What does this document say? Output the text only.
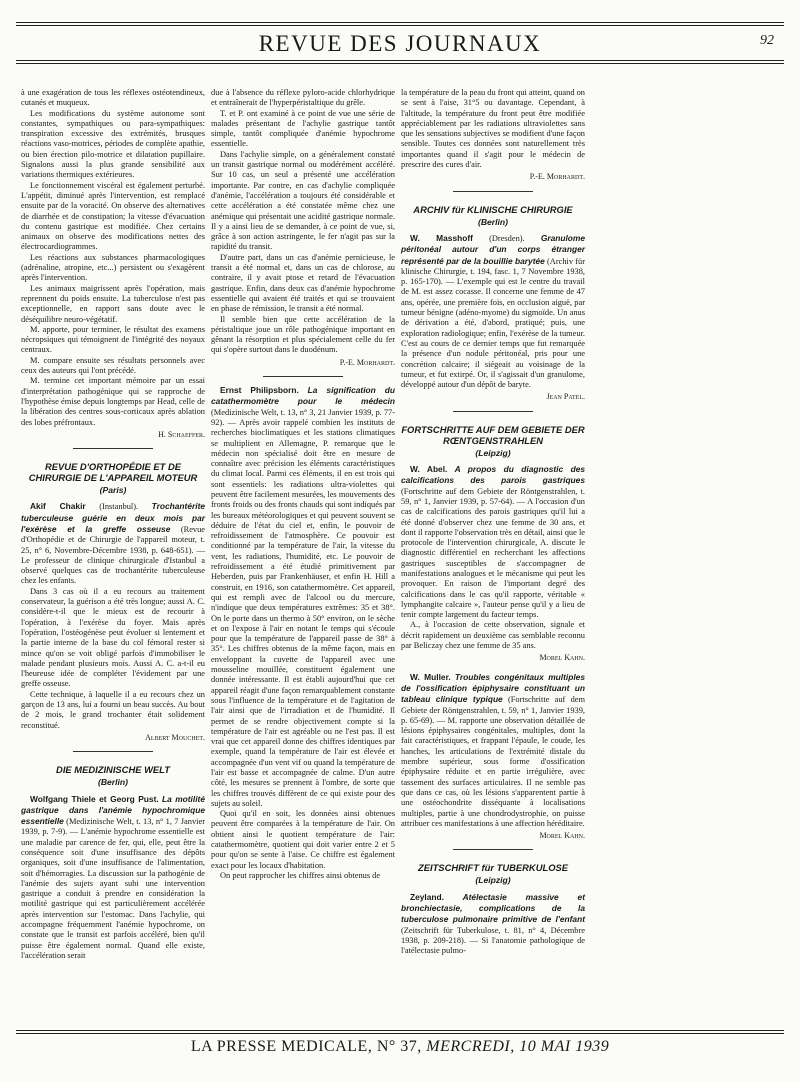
REVUE DES JOURNAUX	92

à une exagération de tous les réflexes ostéotendineux, cutanés et muqueux.

Les modifications du système autonome sont constantes, sympathiques ou para-sympathiques: transpiration excessive des extrémités, brusques réactions vaso-motrices, périodes de complète apathie, ou bien érection pilo-motrice et dilatation pupillaire. Signalons aussi la plus grande sensibilité aux variations thermiques extérieures.

Le fonctionnement viscéral est également perturbé. L'appétit, diminué après l'intervention, est remplacé ensuite par de la voracité. On observe des alternatives de diarrhée et de constipation; la vitesse d'évacuation du contenu gastrique est modifiée. Chez certains animaux on observe des modifications nettes des électrocardiogrammes.

Les réactions aux substances pharmacologiques (adrénaline, atropine, etc...) persistent ou s'exagèrent après l'intervention.

Les animaux maigrissent après l'opération, mais reprennent du poids ensuite. La tuberculose n'est pas exceptionnelle, en rapport sans doute avec le déséquilibre neuro-végétatif.

M. apporte, pour terminer, le résultat des examens nécropsiques qui témoignent de l'intégrité des noyaux centraux.

M. compare ensuite ses résultats personnels avec ceux des auteurs qui l'ont précédé.

M. termine cet important mémoire par un essai d'interprétation pathogénique qui se rapproche de l'hypothèse émise depuis longtemps par Head, celle de la libération des centres sous-corticaux après ablation des lobes préfrontaux.

H. Schaeffer.
REVUE D'ORTHOPÉDIE ET DE CHIRURGIE DE L'APPAREIL MOTEUR
(Paris)

Akif Chakir (Instanbul). Trochantérite tuberculeuse guérie en deux mois par l'exérèse et la greffe osseuse (Revue d'Orthopédie et de Chirurgie de l'appareil moteur, t. 25, n° 6, Novembre-Décembre 1938, p. 648-651). — Le professeur de clinique chirurgicale d'Istanbul a observé quelques cas de trochantérite tuberculeuse chez les enfants.

Dans 3 cas où il a eu recours au traitement conservateur, la guérison a été très longue; aussi A. C. considère-t-il que le mieux est de recourir à l'opération, à l'exérèse du foyer. Mais après l'opération, l'ostéogénèse peut évoluer si lentement et la partie interne de la base du col fémoral rester si mince qu'on se voit obligé parfois d'immobiliser le malade pendant plusieurs mois. Aussi A. C. a-t-il eu l'heureuse idée de compléter l'évidement par une greffe osseuse.

Cette technique, à laquelle il a eu recours chez un garçon de 13 ans, lui a fourni un beau succès. Au bout de 2 mois, le grand trochanter était solidement reconstitué.

Albert Mouchet.
DIE MEDIZINISCHE WELT
(Berlin)

Wolfgang Thiele et Georg Pust. La motilité gastrique dans l'anémie hypochromique essentielle (Medizinische Welt, t. 13, n° 1, 7 Janvier 1939, p. 7-9). — L'anémie hypochrome essentielle est une maladie par carence de fer, qui, elle, peut être la conséquence soit d'une insuffisance des dépôts organiques, soit d'une insuffisance de l'alimentation, soit d'hémorragies. La discussion sur la pathogénie de l'anémie des sujets ayant subi une intervention gastrique a conduit à prendre en considération la motilité gastrique qui est particulièrement accélérée après intervention sur l'estomac. Dans l'achylie, qui accompagne fréquemment l'anémie hypochrome, on constate que le transit est parfois accéléré, bien qu'il puisse être également normal. Quand elle existe, l'accélération serait

due à l'absence du réflexe pyloro-acide chlorhydrique et entraînerait de l'hyperpéristaltique du grêle.

T. et P. ont examiné à ce point de vue une série de malades présentant de l'achylie gastrique tantôt simple, tantôt compliquée d'anémie hypochrome essentielle.

Dans l'achylie simple, on a généralement constaté un transit gastrique normal ou modérément accéléré. Sur 10 cas, un seul a présenté une accélération importante. Par contre, en cas d'achylie compliquée d'anémie, l'accélération a toujours été considérable et cette accélération a été constatée même chez une anémique qui présentait une acidité gastrique normale. Il y a ainsi lieu de se demander, à ce point de vue, si, grâce à son action astringente, le fer n'agit pas sur la rapidité du transit.

D'autre part, dans un cas d'anémie pernicieuse, le transit a été normal et, dans un cas de chlorose, au contraire, il y avait ptose et retard de l'évacuation gastrique. Enfin, dans deux cas d'anémie hypochrome essentielle qui avaient été traités et qui se trouvaient en phase de rémission, le transit a été normal.

Il semble bien que cette accélération de la péristaltique joue un rôle pathogénique important en gênant la résorption et plus spécialement celle du fer qui s'opère surtout dans le duodénum.

P.-E. Morhardt.

Ernst Philipsborn. La signification du catathermomètre pour le médecin (Medizinische Welt, t. 13, n° 3, 21 Janvier 1939, p. 77-92). — Après avoir rappelé combien les instituts de recherches bioclimatiques et les stations climatiques se multiplient en Allemagne, P. remarque que le médecin non spécialisé doit être en mesure de connaître avec précision les éléments caractéristiques du climat local. Parmi ces éléments, il en est trois qui sont essentiels: les radiations ultra-violettes qui peuvent être facilement mesurées, les mouvements des fronts froids ou des fronts chauds qui sont indiqués par les bureaux météorologiques et qui peuvent souvent se déduire de l'état du ciel et, enfin, le pouvoir de refroidissement de l'atmosphère. Ce pouvoir est conditionné par la température de l'air, la vitesse du vent, les radiations, l'humidité, etc. Le pouvoir de refroidissement a été étudié primitivement par Heberden, puis par Frankenhäuser, et enfin H. Hill a construit, en 1916, son catathermomètre. Cet appareil, qui est rempli avec de l'alcool ou du mercure, n'indique que deux températures extrêmes: 35 et 38°. On le porte dans un thermo à 50° environ, on le sèche et on l'expose à l'air en notant le temps qui s'écoule pour que la température de l'appareil passe de 38° à 35°. Les chiffres obtenus de la même façon, mais en enveloppant la cuvette de l'appareil avec une mousseline mouillée, constituent également une donnée intéressante. Il est établi aujourd'hui que cet appareil réagit d'une façon remarquablement constante sous l'influence de la température et de l'agitation de l'air ainsi que de l'irradiation et de l'humidité. Il permet de se rendre objectivement compte si la température de l'air est agréable ou ne l'est pas. Il est vrai que cet appareil donne des chiffres identiques par exemple, quand la température de l'air est élevée et accompagnée d'un vent vif ou quand la température de l'air est basse et accompagnée de calme. D'un autre côté, les mesures se prennent à l'ombre, de sorte que les chiffres trouvés diffèrent de ce qui existe pour des sujets au soleil.

Quoi qu'il en soit, les données ainsi obtenues peuvent être comparées à la température de l'air. On obtient ainsi le quotient température de l'air: catathermomètre, quotient qui doit varier entre 2 et 5 pour qu'on se sente à l'aise. Ce chiffre est également exact pour les locaux d'habitation.

On peut rapprocher les chiffres ainsi obtenus de

la température de la peau du front qui atteint, quand on se sent à l'aise, 31°5 ou davantage. Cependant, à l'altitude, la température du front peut être modifiée appréciablement par les radiations ultraviolettes sans que les sensations subjectives se modifient d'une façon sensible. Toutes ces données sont naturellement très importantes quand il s'agit pour le médecin de prescrire des cures d'air.

P.-E. Morhardt.
ARCHIV für KLINISCHE CHIRURGIE
(Berlin)

W. Masshoff (Dresden). Granulome péritonéal autour d'un corps étranger représenté par de la bouillie barytée (Archiv für klinische Chirurgie, t. 194, fasc. 1, 7 Novembre 1938, p. 165-170). — L'exemple qui est le centre du travail de M. est assez cocasse. Il concerne une femme de 47 ans, opérée, une première fois, en occlusion aiguë, par tumeur bénigne (adéno-myome) du sigmoïde. Un anus de dérivation a été, d'abord, pratiqué; puis, une exploration radiologique; enfin, l'exérèse de la tumeur. C'est au cours de ce dernier temps que fut remarquée la présence d'un nodule péritonéal, pris pour une concrétion calcaire; il siégeait au voisinage de la tumeur, et fut extirpé. Or, il s'agissait d'un granulome, développé autour d'un dépôt de baryte.

Jean Patel.
FORTSCHRITTE AUF DEM GEBIETE DER RŒNTGENSTRAHLEN
(Leipzig)

W. Abel. A propos du diagnostic des calcifications des parois gastriques (Fortschritte auf dem Gebiete der Röntgenstrahlen, t. 59, n° 1, Janvier 1939, p. 57-64). — A l'occasion d'un cas de calcifications des parois gastriques qu'il lui a été donné d'observer chez une femme de 30 ans, et dont il rapporte l'observation très en détail, ainsi que le protocole de l'intervention chirurgicale, A. discute le diagnostic différentiel en recherchant les affections gastriques susceptibles de s'accompagner de manifestations analogues et le mécanisme qui peut les provoquer. En raison de l'important degré des calcifications dans le cas qu'il rapporte, véritable « lymphangite calcaire », l'auteur pense qu'il y a lieu de tenir compte largement du facteur temps.

A., à l'occasion de cette observation, signale et décrit rapidement un deuxième cas semblable reconnu par Beliczay chez une femme de 35 ans.

Morel Kahn.

W. Muller. Troubles congénitaux multiples de l'ossification épiphysaire constituant un tableau clinique typique (Fortschritte auf dem Gebiete der Röntgenstrahlen, t. 59, n° 1, Janvier 1939, p. 65-69). — M. rapporte une observation détaillée de lésions épiphysaires congénitales, multiples, dont la fait caractéristiques, et frappant l'épaule, le coude, les hanches, les articulations de l'extrémité distale du membre supérieur, sous forme d'ossification épiphysaire réduite et en partie irrégulière, avec tassement des surfaces articulaires. Il ne semble pas que dans ce cas, où les lésions s'apparentent partie à une ostéochondrite disséquante à localisations multiples, partie à une chondrodystrophie, on puisse attribuer ces manifestations à une affection héréditaire.

Morel Kahn.
ZEITSCHRIFT für TUBERKULOSE
(Leipzig)

Zeyland. Atélectasie massive et bronchiectasie, complications de la tuberculose pulmonaire primitive de l'enfant (Zeitschrift für Tuberkulose, t. 81, n° 4, Décembre 1938, p. 209-218). — Si l'anatomie pathologique de l'atélectasie pulmo-

LA PRESSE MEDICALE, N° 37, MERCREDI, 10 MAI 1939
